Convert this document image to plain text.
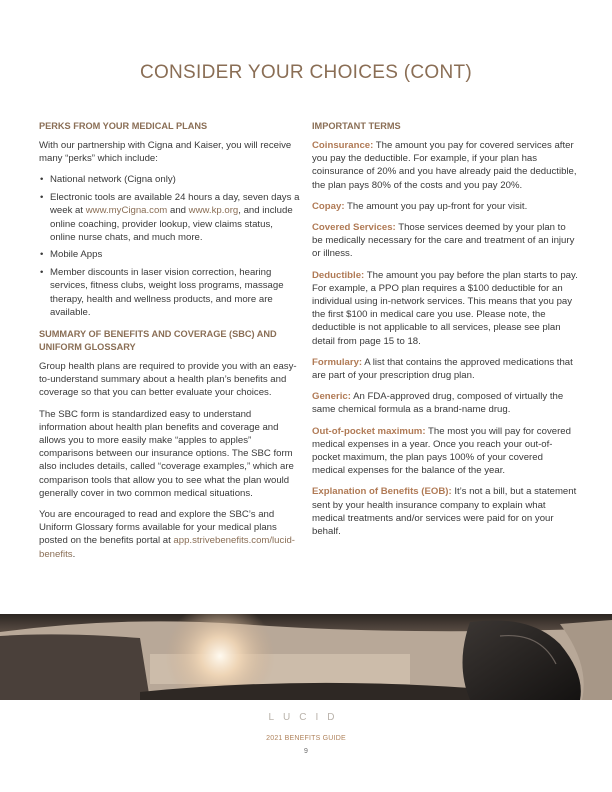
CONSIDER YOUR CHOICES (CONT)
PERKS FROM YOUR MEDICAL PLANS

With our partnership with Cigna and Kaiser, you will receive many “perks” which include:

• National network (Cigna only)
• Electronic tools are available 24 hours a day, seven days a week at www.myCigna.com and www.kp.org, and include online coaching, provider lookup, view claims status, online nurse chats, and much more.
• Mobile Apps
• Member discounts in laser vision correction, hearing services, fitness clubs, weight loss programs, massage therapy, health and wellness products, and more are available.
SUMMARY OF BENEFITS AND COVERAGE (SBC) AND UNIFORM GLOSSARY

Group health plans are required to provide you with an easy-to-understand summary about a health plan’s benefits and coverage so that you can better evaluate your choices.

The SBC form is standardized easy to understand information about health plan benefits and coverage and allows you to more easily make “apples to apples” comparisons between our insurance options. The SBC form also includes details, called “coverage examples,” which are comparison tools that allow you to see what the plan would generally cover in two common medical situations.

You are encouraged to read and explore the SBC’s and Uniform Glossary forms available for your medical plans posted on the benefits portal at app.strivebenefits.com/lucid-benefits.

IMPORTANT TERMS

Coinsurance: The amount you pay for covered services after you pay the deductible. For example, if your plan has coinsurance of 20% and you have already paid the deductible, the plan pays 80% of the costs and you pay 20%.

Copay: The amount you pay up-front for your visit.

Covered Services: Those services deemed by your plan to be medically necessary for the care and treatment of an injury or illness.

Deductible: The amount you pay before the plan starts to pay. For example, a PPO plan requires a $100 deductible for an individual using in-network services. This means that you pay the first $100 in medical care you use. Please note, the deductible is not applicable to all services, please see plan detail from page 15 to 18.

Formulary: A list that contains the approved medications that are part of your prescription drug plan.

Generic: An FDA-approved drug, composed of virtually the same chemical formula as a brand-name drug.

Out-of-pocket maximum: The most you will pay for covered medical expenses in a year. Once you reach your out-of-pocket maximum, the plan pays 100% of your covered medical expenses for the balance of the year.

Explanation of Benefits (EOB): It’s not a bill, but a statement sent by your health insurance company to explain what medical treatments and/or services were paid for on your behalf.

LUCID
2021 BENEFITS GUIDE
9
